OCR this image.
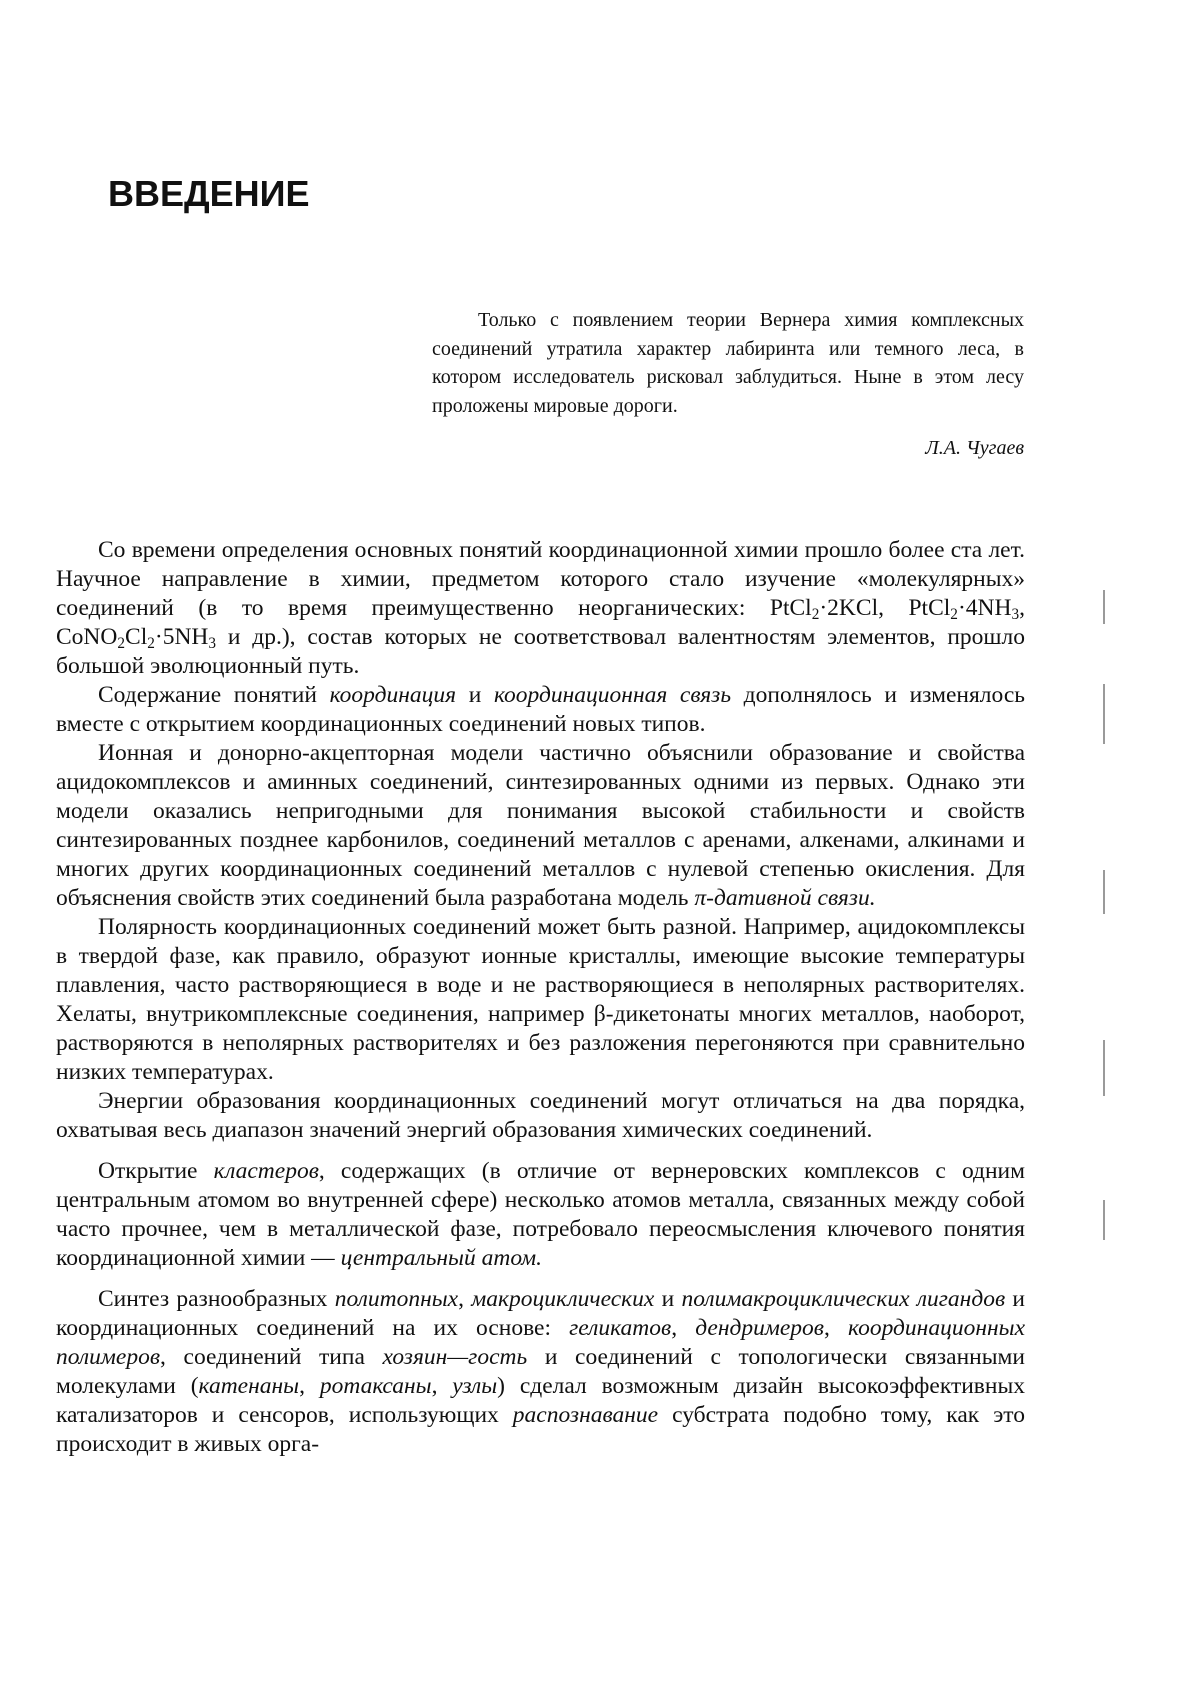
ВВЕДЕНИЕ

Только с появлением теории Вернера химия комплексных соединений утратила характер лабиринта или темного леса, в котором исследователь рисковал заблудиться. Ныне в этом лесу проложены мировые дороги.

Л.А. Чугаев

Со времени определения основных понятий координационной химии прошло более ста лет. Научное направление в химии, предметом которого стало изучение «молекулярных» соединений (в то время преимущественно неорганических: PtCl$_2$·2KCl, $PtCl_2\cdot 4NH_3$, $CoNO_2Cl_2\cdot 5NH_3$ и др.), состав которых не соответствовал валентностям элементов, прошло большой эволюционный путь.

Содержание понятий координация и координационная связь дополнялось и изменялось вместе с открытием координационных соединений новых типов.

Ионная и донорно-акцепторная модели частично объяснили образование и свойства ацидокомплексов и аминных соединений, синтезированных одними из первых. Однако эти модели оказались непригодными для понимания высокой стабильности и свойств синтезированных позднее карбонилов, соединений металлов с аренами, алкенами, алкинами и многих других координационных соединений металлов с нулевой степенью окисления. Для объяснения свойств этих соединений была разработана модель π-дативной связи.

Полярность координационных соединений может быть разной. Например, ацидокомплексы в твердой фазе, как правило, образуют ионные кристаллы, имеющие высокие температуры плавления, часто растворяющиеся в воде и не растворяющиеся в неполярных растворителях. Хелаты, внутрикомплексные соединения, например β-дикетонаты многих металлов, наоборот, растворяются в неполярных растворителях и без разложения перегоняются при сравнительно низких температурах.

Энергии образования координационных соединений могут отличаться на два порядка, охватывая весь диапазон значений энергий образования химических соединений.

Открытие кластеров, содержащих (в отличие от вернеровских комплексов с одним центральным атомом во внутренней сфере) несколько атомов металла, связанных между собой часто прочнее, чем в металлической фазе, потребовало переосмысления ключевого понятия координационной химии — центральный атом.

Синтез разнообразных политопных, макроциклических и полимакроциклических лигандов и координационных соединений на их основе: геликатов, дендримеров, координационных полимеров, соединений типа хозяин—гость и соединений с топологически связанными молекулами (катенаны, ротаксаны, узлы) сделал возможным дизайн высокоэффективных катализаторов и сенсоров, использующих распознавание субстрата подобно тому, как это происходит в живых орга-
